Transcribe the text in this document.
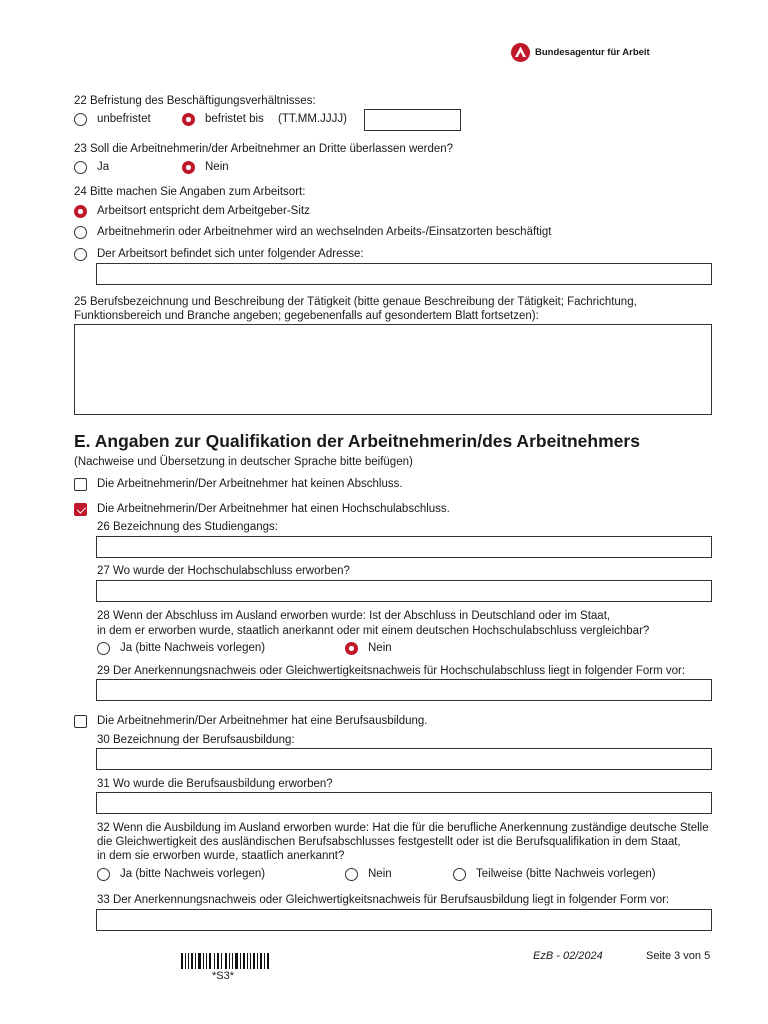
Bundesagentur für Arbeit
22 Befristung des Beschäftigungsverhältnisses:
unbefristet	befristet bis (TT.MM.JJJJ)
23 Soll die Arbeitnehmerin/der Arbeitnehmer an Dritte überlassen werden?
Ja	Nein
24 Bitte machen Sie Angaben zum Arbeitsort:
Arbeitsort entspricht dem Arbeitgeber-Sitz
Arbeitnehmerin oder Arbeitnehmer wird an wechselnden Arbeits-/Einsatzorten beschäftigt
Der Arbeitsort befindet sich unter folgender Adresse:
25 Berufsbezeichnung und Beschreibung der Tätigkeit (bitte genaue Beschreibung der Tätigkeit; Fachrichtung,
Funktionsbereich und Branche angeben; gegebenenfalls auf gesondertem Blatt fortsetzen):
E. Angaben zur Qualifikation der Arbeitnehmerin/des Arbeitnehmers
(Nachweise und Übersetzung in deutscher Sprache bitte beifügen)
Die Arbeitnehmerin/Der Arbeitnehmer hat keinen Abschluss.
Die Arbeitnehmerin/Der Arbeitnehmer hat einen Hochschulabschluss.
26 Bezeichnung des Studiengangs:
27 Wo wurde der Hochschulabschluss erworben?
28 Wenn der Abschluss im Ausland erworben wurde: Ist der Abschluss in Deutschland oder im Staat,
in dem er erworben wurde, staatlich anerkannt oder mit einem deutschen Hochschulabschluss vergleichbar?
Ja (bitte Nachweis vorlegen)	Nein
29 Der Anerkennungsnachweis oder Gleichwertigkeitsnachweis für Hochschulabschluss liegt in folgender Form vor:
Die Arbeitnehmerin/Der Arbeitnehmer hat eine Berufsausbildung.
30 Bezeichnung der Berufsausbildung:
31 Wo wurde die Berufsausbildung erworben?
32 Wenn die Ausbildung im Ausland erworben wurde: Hat die für die berufliche Anerkennung zuständige deutsche Stelle
die Gleichwertigkeit des ausländischen Berufsabschlusses festgestellt oder ist die Berufsqualifikation in dem Staat,
in dem sie erworben wurde, staatlich anerkannt?
Ja (bitte Nachweis vorlegen)	Nein	Teilweise (bitte Nachweis vorlegen)
33 Der Anerkennungsnachweis oder Gleichwertigkeitsnachweis für Berufsausbildung liegt in folgender Form vor:
*S3*
EzB - 02/2024	Seite 3 von 5
